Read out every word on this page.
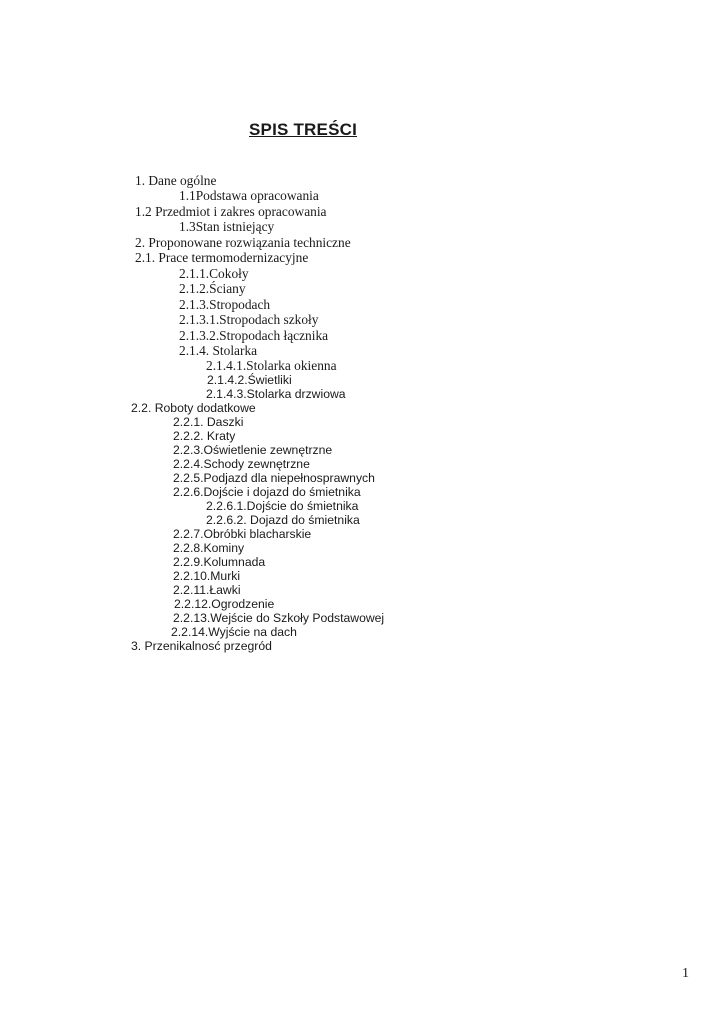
SPIS TREŚCI
1. Dane ogólne
1.1Podstawa opracowania
1.2 Przedmiot i zakres opracowania
1.3Stan istniejący
2. Proponowane rozwiązania techniczne
2.1. Prace termomodernizacyjne
2.1.1.Cokoły
2.1.2.Ściany
2.1.3.Stropodach
2.1.3.1.Stropodach szkoły
2.1.3.2.Stropodach łącznika
2.1.4. Stolarka
2.1.4.1.Stolarka okienna
2.1.4.2.Świetliki
2.1.4.3.Stolarka drzwiowa
2.2. Roboty dodatkowe
2.2.1. Daszki
2.2.2. Kraty
2.2.3.Oświetlenie zewnętrzne
2.2.4.Schody zewnętrzne
2.2.5.Podjazd dla niepełnosprawnych
2.2.6.Dojście i dojazd do śmietnika
2.2.6.1.Dojście do śmietnika
2.2.6.2. Dojazd do śmietnika
2.2.7.Obróbki blacharskie
2.2.8.Kominy
2.2.9.Kolumnada
2.2.10.Murki
2.2.11.Ławki
2.2.12.Ogrodzenie
2.2.13.Wejście do Szkoły Podstawowej
2.2.14.Wyjście na dach
3. Przenikalnosć przegród
1
